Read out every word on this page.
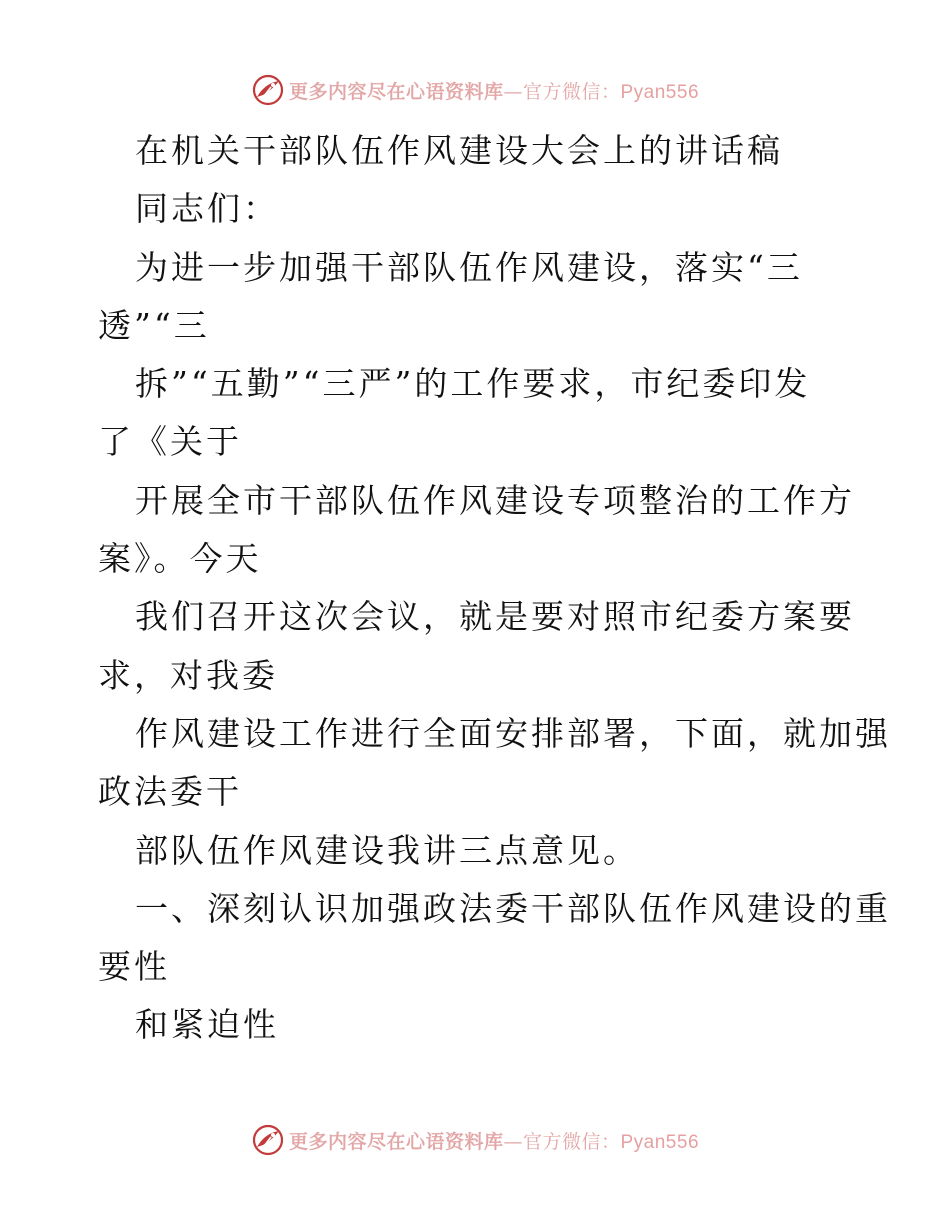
更多内容尽在心语资料库—官方微信：Pyan556
在机关干部队伍作风建设大会上的讲话稿
同志们：
为进一步加强干部队伍作风建设，落实“三
透”“三
拆”“五勤”“三严”的工作要求，市纪委印发
了《关于
开展全市干部队伍作风建设专项整治的工作方
案》。今天
我们召开这次会议，就是要对照市纪委方案要
求，对我委
作风建设工作进行全面安排部署，下面，就加强
政法委干
部队伍作风建设我讲三点意见。
一、深刻认识加强政法委干部队伍作风建设的重
要性
和紧迫性
更多内容尽在心语资料库—官方微信：Pyan556
